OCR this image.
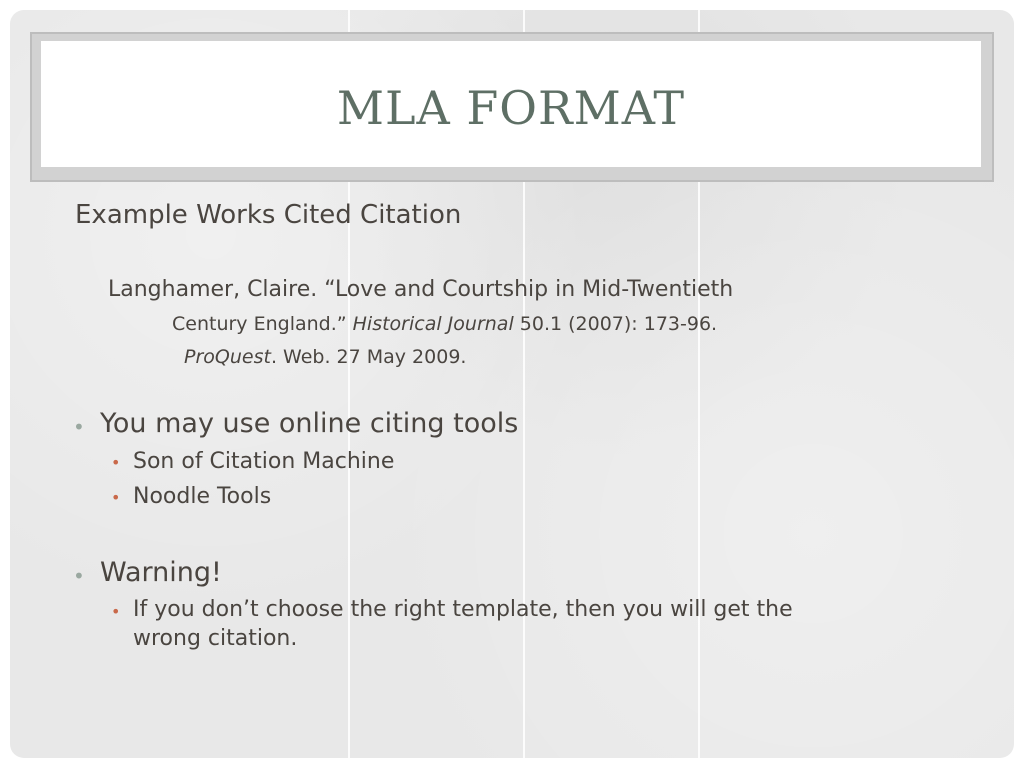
MLA FORMAT
Example Works Cited Citation
Langhamer, Claire. “Love and Courtship in Mid-Twentieth
Century England.” Historical Journal 50.1 (2007): 173-96.
ProQuest. Web. 27 May 2009.
• You may use online citing tools
• Son of Citation Machine
• Noodle Tools
• Warning!
• If you don’t choose the right template, then you will get the
wrong citation.
